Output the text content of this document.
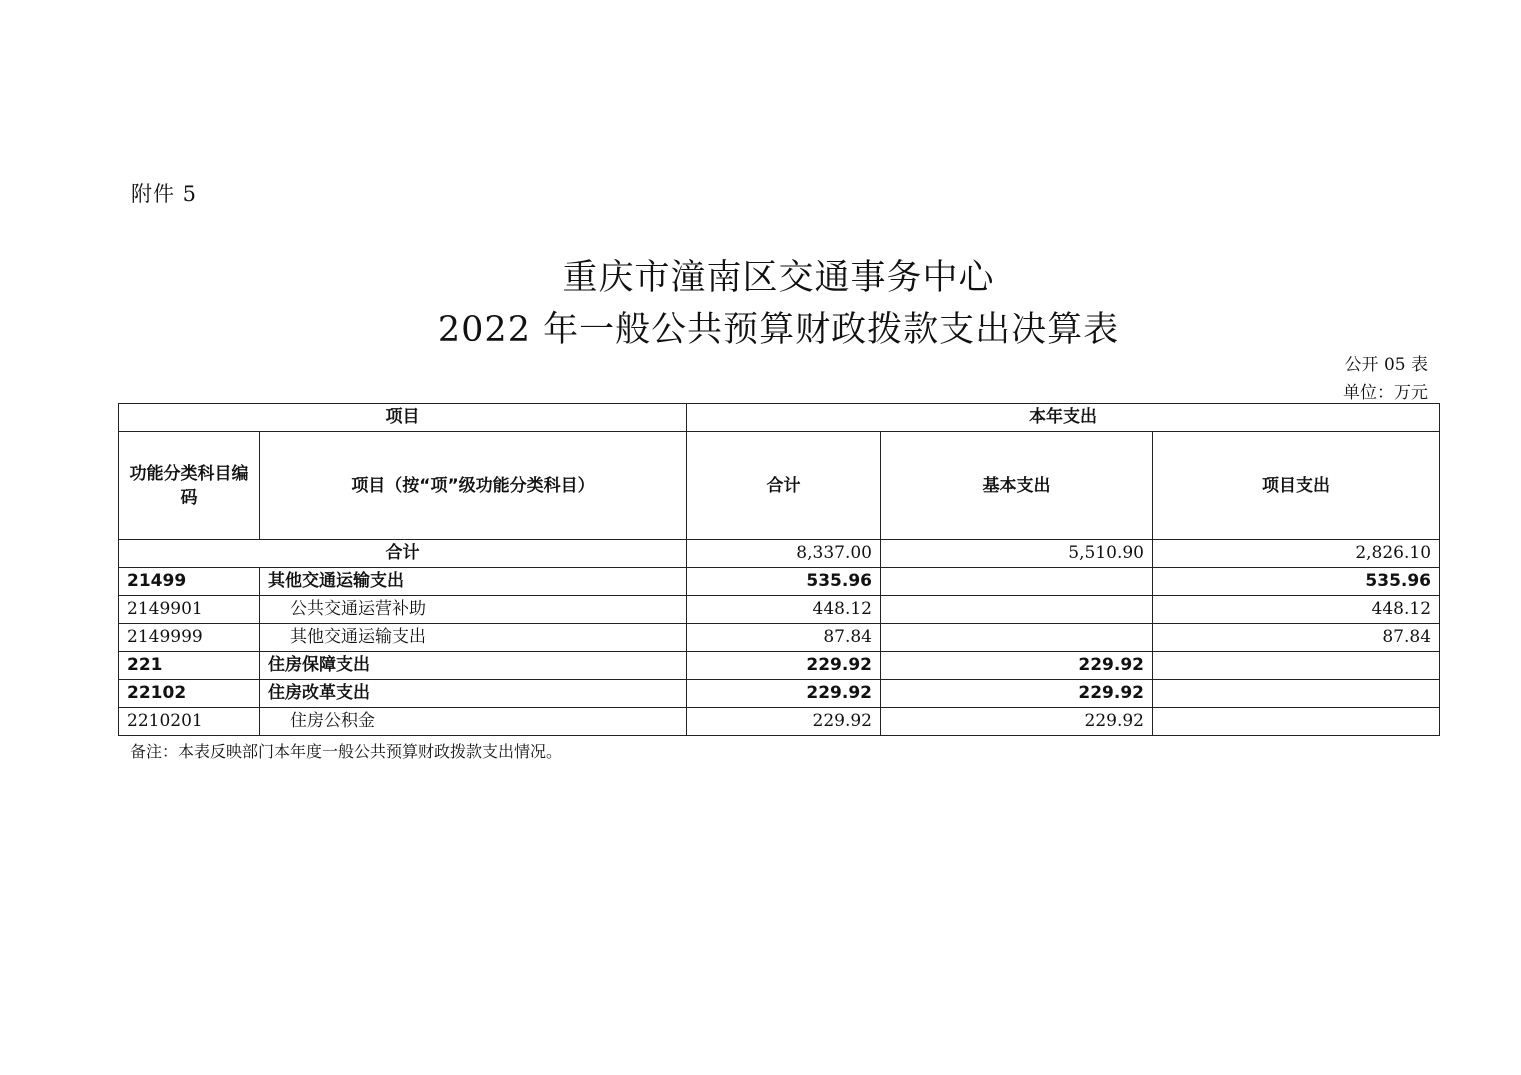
附件 5
重庆市潼南区交通事务中心
2022 年一般公共预算财政拨款支出决算表
公开 05 表
单位：万元
项目		本年支出		
功能分类科目编码	项目（按“项”级功能分类科目）	合计	基本支出	项目支出
合计		8,337.00	5,510.90	2,826.10
21499	其他交通运输支出	535.96		535.96
2149901	公共交通运营补助	448.12		448.12
2149999	其他交通运输支出	87.84		87.84
221	住房保障支出	229.92	229.92	
22102	住房改革支出	229.92	229.92	
2210201	住房公积金	229.92	229.92	
备注：本表反映部门本年度一般公共预算财政拨款支出情况。
